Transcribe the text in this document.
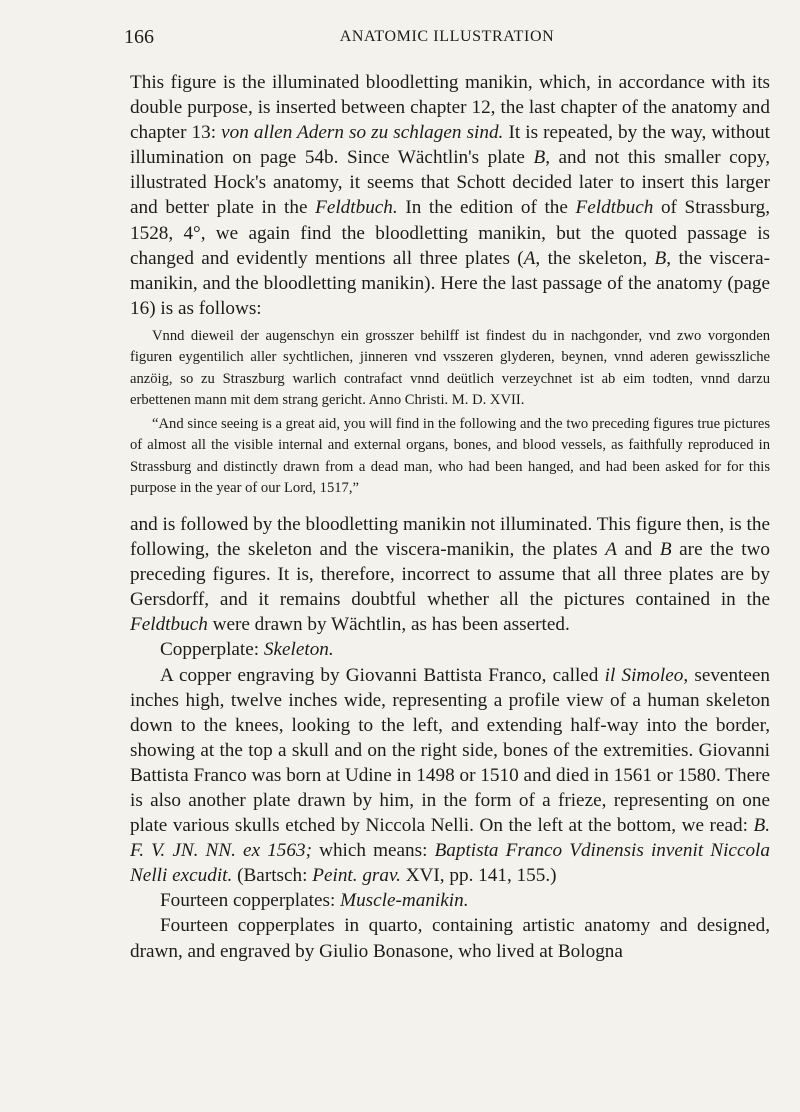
166	ANATOMIC ILLUSTRATION

This figure is the illuminated bloodletting manikin, which, in accordance with its double purpose, is inserted between chapter 12, the last chapter of the anatomy and chapter 13: von allen Adern so zu schlagen sind. It is repeated, by the way, without illumination on page 54b. Since Wächtlin's plate B, and not this smaller copy, illustrated Hock's anatomy, it seems that Schott decided later to insert this larger and better plate in the Feldtbuch. In the edition of the Feldtbuch of Strassburg, 1528, 4°, we again find the bloodletting manikin, but the quoted passage is changed and evidently mentions all three plates (A, the skeleton, B, the viscera-manikin, and the bloodletting manikin). Here the last passage of the anatomy (page 16) is as follows:

Vnnd dieweil der augenschyn ein grosszer behilff ist findest du in nachgonder, vnd zwo vorgonden figuren eygentilich aller sychtlichen, jinneren vnd vsszeren glyderen, beynen, vnnd aderen gewisszliche anzöig, so zu Straszburg warlich contrafact vnnd deütlich verzeychnet ist ab eim todten, vnnd darzu erbettenen mann mit dem strang gericht. Anno Christi. M. D. XVII.

“And since seeing is a great aid, you will find in the following and the two preceding figures true pictures of almost all the visible internal and external organs, bones, and blood vessels, as faithfully reproduced in Strassburg and distinctly drawn from a dead man, who had been hanged, and had been asked for for this purpose in the year of our Lord, 1517,”

and is followed by the bloodletting manikin not illuminated. This figure then, is the following, the skeleton and the viscera-manikin, the plates A and B are the two preceding figures. It is, therefore, incorrect to assume that all three plates are by Gersdorff, and it remains doubtful whether all the pictures contained in the Feldtbuch were drawn by Wächtlin, as has been asserted.

Copperplate: Skeleton.

A copper engraving by Giovanni Battista Franco, called il Simoleo, seventeen inches high, twelve inches wide, representing a profile view of a human skeleton down to the knees, looking to the left, and extending half-way into the border, showing at the top a skull and on the right side, bones of the extremities. Giovanni Battista Franco was born at Udine in 1498 or 1510 and died in 1561 or 1580. There is also another plate drawn by him, in the form of a frieze, representing on one plate various skulls etched by Niccola Nelli. On the left at the bottom, we read: B. F. V. JN. NN. ex 1563; which means: Baptista Franco Vdinensis invenit Niccola Nelli excudit. (Bartsch: Peint. grav. XVI, pp. 141, 155.)

Fourteen copperplates: Muscle-manikin.

Fourteen copperplates in quarto, containing artistic anatomy and designed, drawn, and engraved by Giulio Bonasone, who lived at Bologna
